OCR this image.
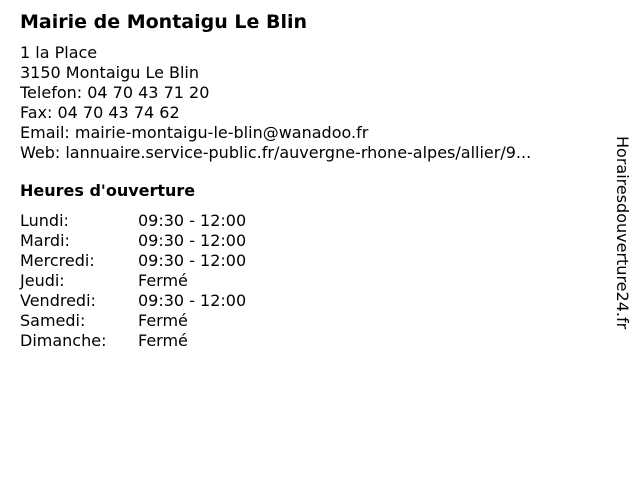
Mairie de Montaigu Le Blin
1 la Place
3150 Montaigu Le Blin
Telefon: 04 70 43 71 20
Fax: 04 70 43 74 62
Email: mairie-montaigu-le-blin@wanadoo.fr
Web: lannuaire.service-public.fr/auvergne-rhone-alpes/allier/9...
Heures d'ouverture
Lundi:	09:30 - 12:00
Mardi:	09:30 - 12:00
Mercredi:	09:30 - 12:00
Jeudi:	Fermé
Vendredi:	09:30 - 12:00
Samedi:	Fermé
Dimanche:	Fermé
Horairesdouverture24.fr
